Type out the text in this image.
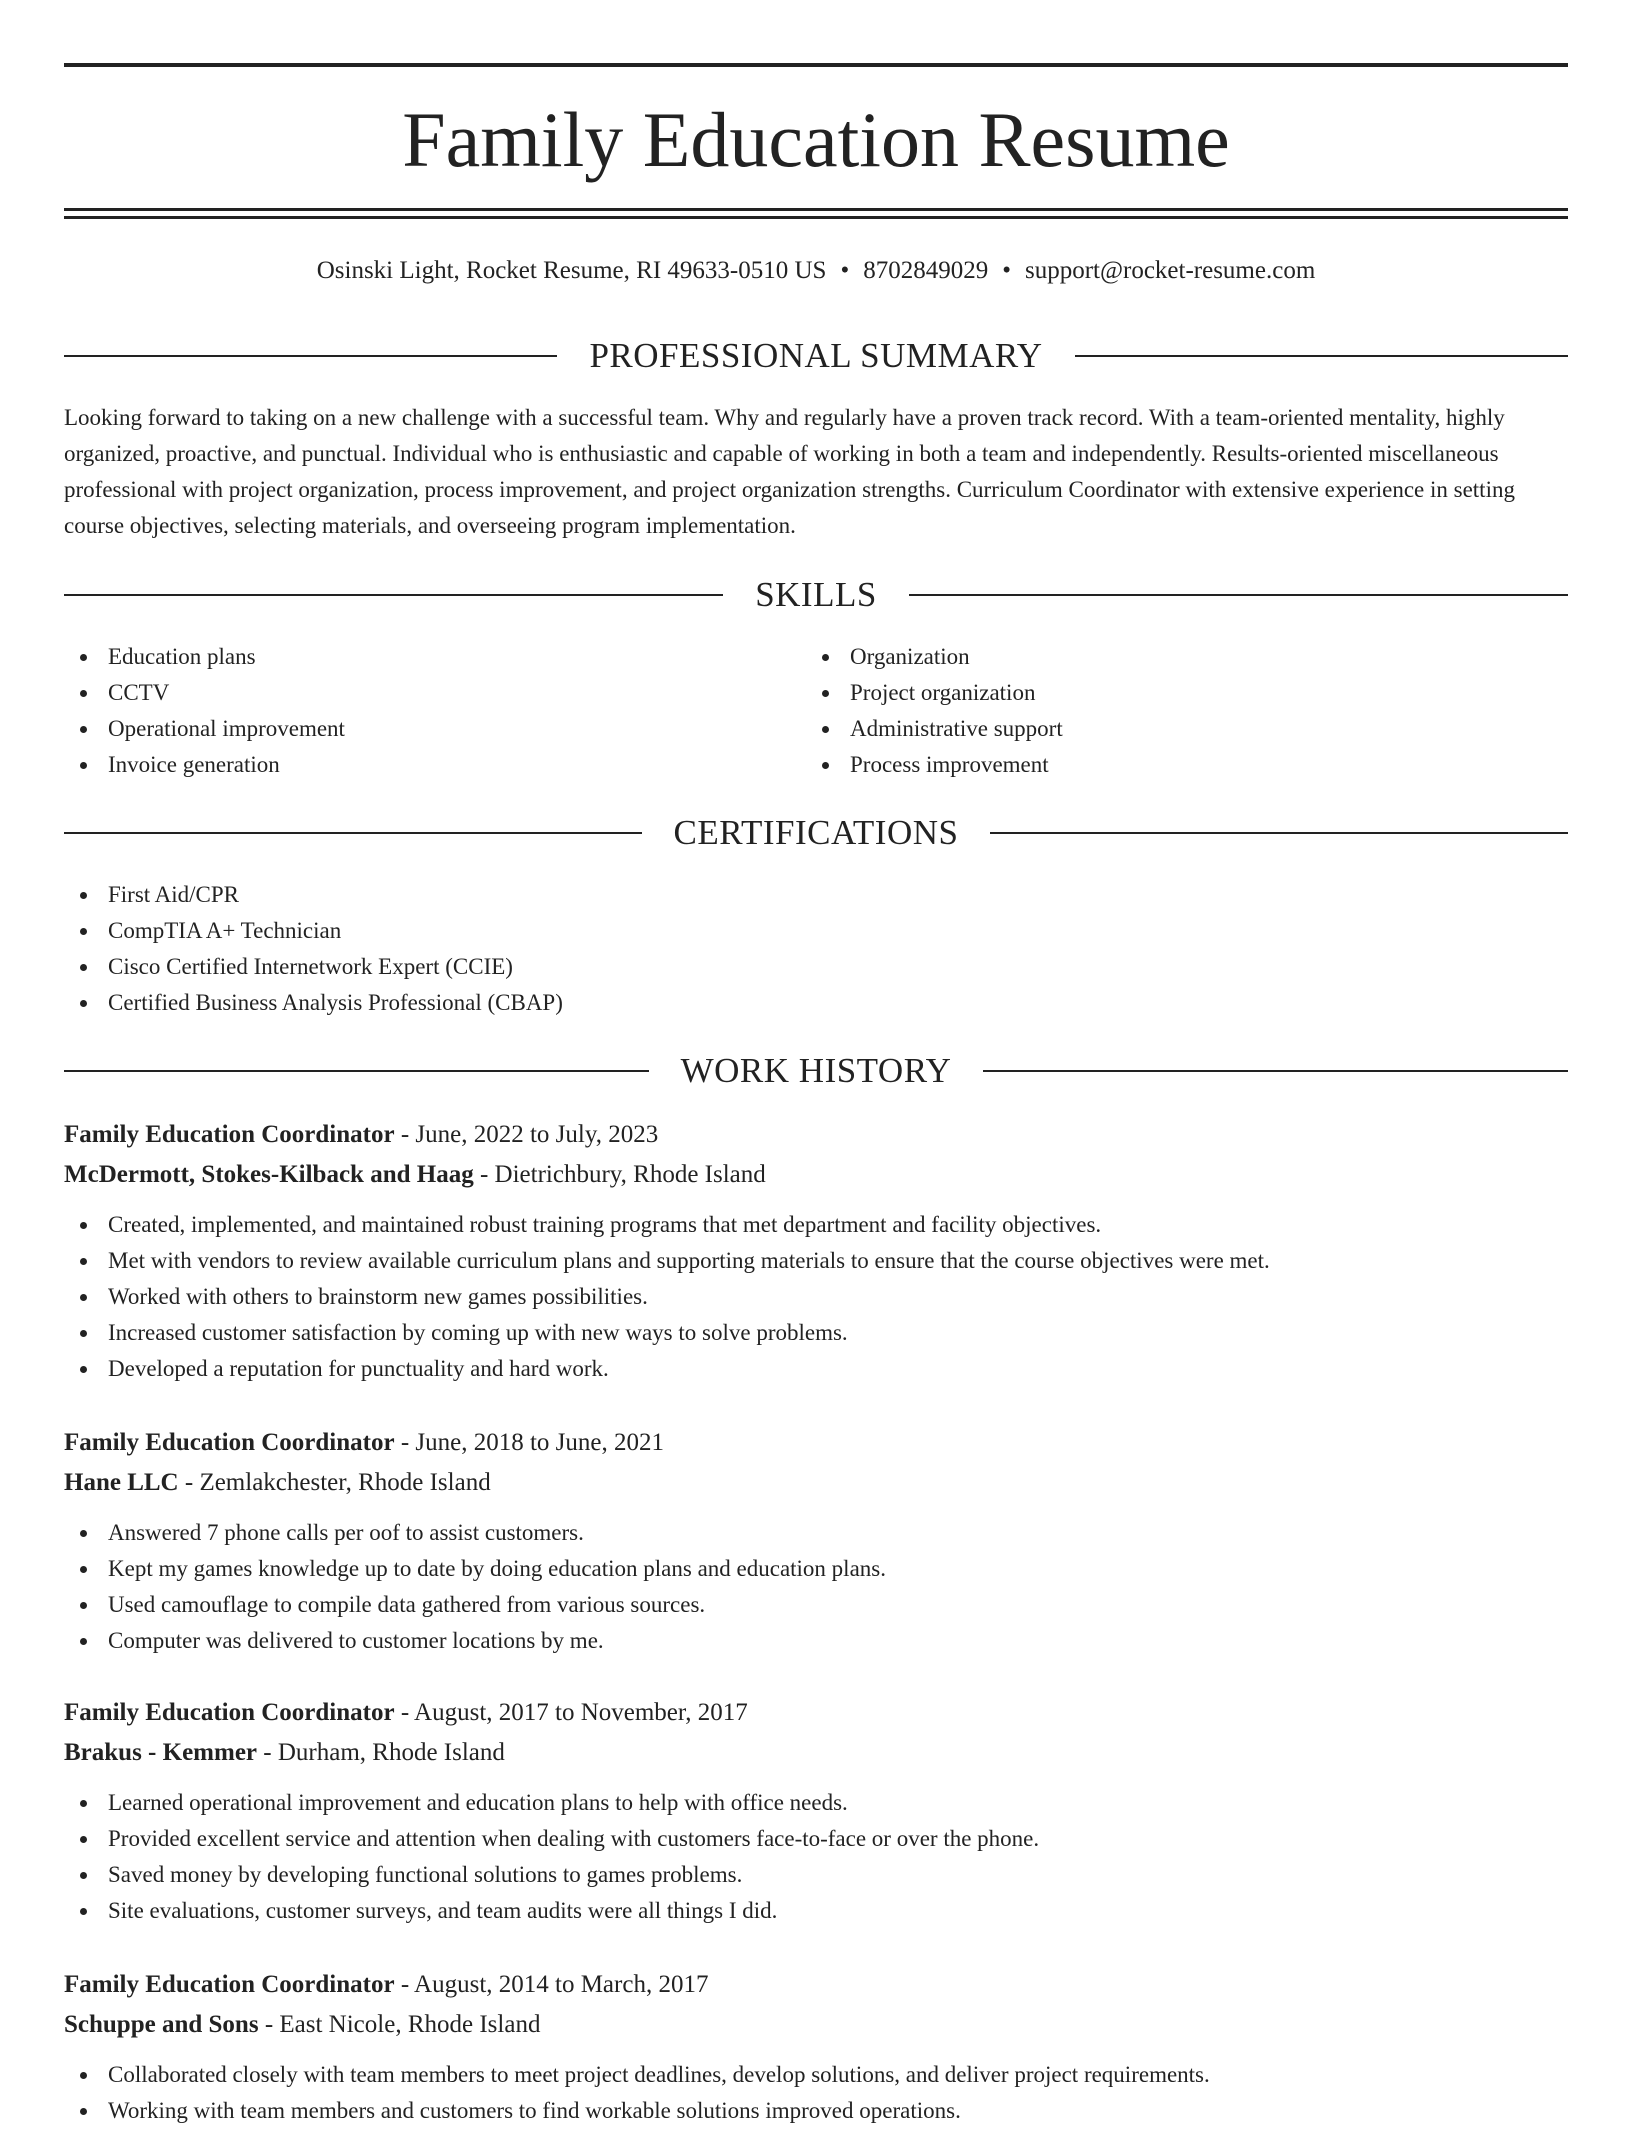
Family Education Resume
Osinski Light, Rocket Resume, RI 49633-0510 US • 8702849029 • support@rocket-resume.com
PROFESSIONAL SUMMARY

Looking forward to taking on a new challenge with a successful team. Why and regularly have a proven track record. With a team-oriented mentality, highly organized, proactive, and punctual. Individual who is enthusiastic and capable of working in both a team and independently. Results-oriented miscellaneous professional with project organization, process improvement, and project organization strengths. Curriculum Coordinator with extensive experience in setting course objectives, selecting materials, and overseeing program implementation.

SKILLS
Education plans
CCTV
Operational improvement
Invoice generation
Organization
Project organization
Administrative support
Process improvement
CERTIFICATIONS
First Aid/CPR
CompTIA A+ Technician
Cisco Certified Internetwork Expert (CCIE)
Certified Business Analysis Professional (CBAP)
WORK HISTORY
Family Education Coordinator - June, 2022 to July, 2023
McDermott, Stokes-Kilback and Haag - Dietrichbury, Rhode Island
Created, implemented, and maintained robust training programs that met department and facility objectives.
Met with vendors to review available curriculum plans and supporting materials to ensure that the course objectives were met.
Worked with others to brainstorm new games possibilities.
Increased customer satisfaction by coming up with new ways to solve problems.
Developed a reputation for punctuality and hard work.
Family Education Coordinator - June, 2018 to June, 2021
Hane LLC - Zemlakchester, Rhode Island
Answered 7 phone calls per oof to assist customers.
Kept my games knowledge up to date by doing education plans and education plans.
Used camouflage to compile data gathered from various sources.
Computer was delivered to customer locations by me.
Family Education Coordinator - August, 2017 to November, 2017
Brakus - Kemmer - Durham, Rhode Island
Learned operational improvement and education plans to help with office needs.
Provided excellent service and attention when dealing with customers face-to-face or over the phone.
Saved money by developing functional solutions to games problems.
Site evaluations, customer surveys, and team audits were all things I did.
Family Education Coordinator - August, 2014 to March, 2017
Schuppe and Sons - East Nicole, Rhode Island
Collaborated closely with team members to meet project deadlines, develop solutions, and deliver project requirements.
Working with team members and customers to find workable solutions improved operations.
